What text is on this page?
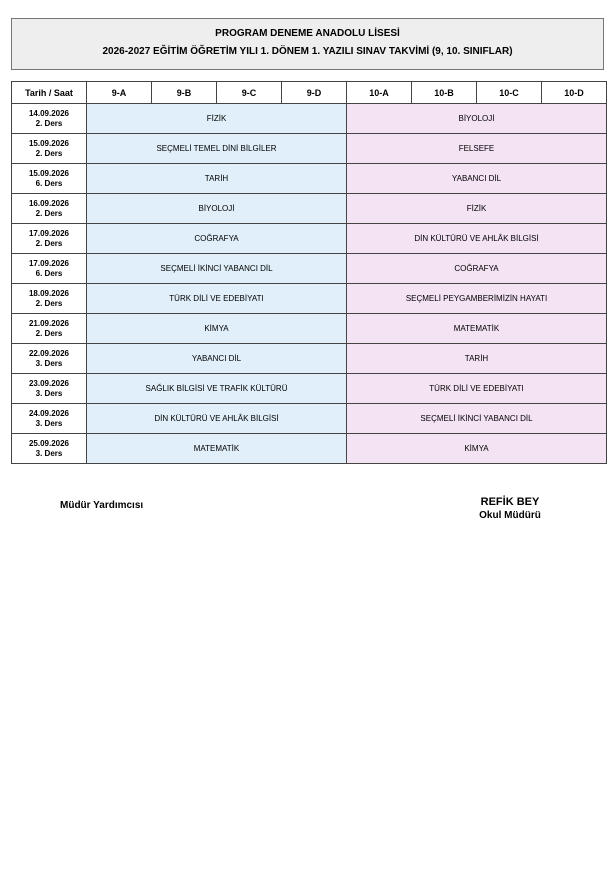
PROGRAM DENEME ANADOLU LİSESİ
2026-2027 EĞİTİM ÖĞRETİM YILI 1. DÖNEM 1. YAZILI SINAV TAKVİMİ (9, 10. SINIFLAR)
Tarih / Saat	9-A	9-B	9-C	9-D	10-A	10-B	10-C	10-D

14.09.2026
2. Ders	FİZİK				BİYOLOJİ			

15.09.2026
2. Ders	SEÇMELİ TEMEL DİNİ BİLGİLER				FELSEFE			

15.09.2026
6. Ders	TARİH				YABANCI DİL			

16.09.2026
2. Ders	BİYOLOJİ				FİZİK			

17.09.2026
2. Ders	COĞRAFYA				DİN KÜLTÜRÜ VE AHLÂK BİLGİSİ			

17.09.2026
6. Ders	SEÇMELİ İKİNCİ YABANCI DİL				COĞRAFYA			

18.09.2026
2. Ders	TÜRK DİLİ VE EDEBİYATI				SEÇMELİ PEYGAMBERİMİZİN HAYATI			

21.09.2026
2. Ders	KİMYA				MATEMATİK			

22.09.2026
3. Ders	YABANCI DİL				TARİH			

23.09.2026
3. Ders	SAĞLIK BİLGİSİ VE TRAFİK KÜLTÜRÜ				TÜRK DİLİ VE EDEBİYATI			

24.09.2026
3. Ders	DİN KÜLTÜRÜ VE AHLÂK BİLGİSİ				SEÇMELİ İKİNCİ YABANCI DİL			

25.09.2026
3. Ders	MATEMATİK				KİMYA			
Müdür Yardımcısı	REFİK BEY
Okul Müdürü
